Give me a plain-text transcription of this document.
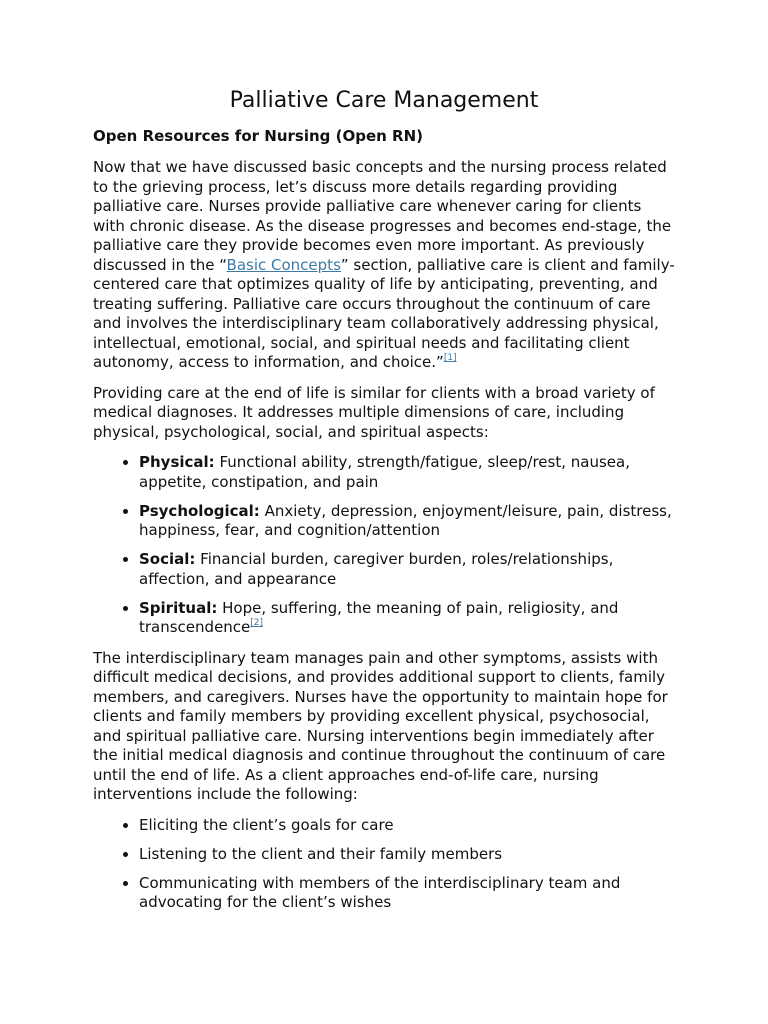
Palliative Care Management
Open Resources for Nursing (Open RN)

Now that we have discussed basic concepts and the nursing process related to the grieving process, let’s discuss more details regarding providing palliative care. Nurses provide palliative care whenever caring for clients with chronic disease. As the disease progresses and becomes end-stage, the palliative care they provide becomes even more important. As previously discussed in the “Basic Concepts” section, palliative care is client and family-centered care that optimizes quality of life by anticipating, preventing, and treating suffering. Palliative care occurs throughout the continuum of care and involves the interdisciplinary team collaboratively addressing physical, intellectual, emotional, social, and spiritual needs and facilitating client autonomy, access to information, and choice.”[1]

Providing care at the end of life is similar for clients with a broad variety of medical diagnoses. It addresses multiple dimensions of care, including physical, psychological, social, and spiritual aspects:

• Physical: Functional ability, strength/fatigue, sleep/rest, nausea, appetite, constipation, and pain
• Psychological: Anxiety, depression, enjoyment/leisure, pain, distress, happiness, fear, and cognition/attention
• Social: Financial burden, caregiver burden, roles/relationships, affection, and appearance
• Spiritual: Hope, suffering, the meaning of pain, religiosity, and transcendence[2]

The interdisciplinary team manages pain and other symptoms, assists with difficult medical decisions, and provides additional support to clients, family members, and caregivers. Nurses have the opportunity to maintain hope for clients and family members by providing excellent physical, psychosocial, and spiritual palliative care. Nursing interventions begin immediately after the initial medical diagnosis and continue throughout the continuum of care until the end of life. As a client approaches end-of-life care, nursing interventions include the following:

• Eliciting the client’s goals for care
• Listening to the client and their family members
• Communicating with members of the interdisciplinary team and advocating for the client’s wishes
